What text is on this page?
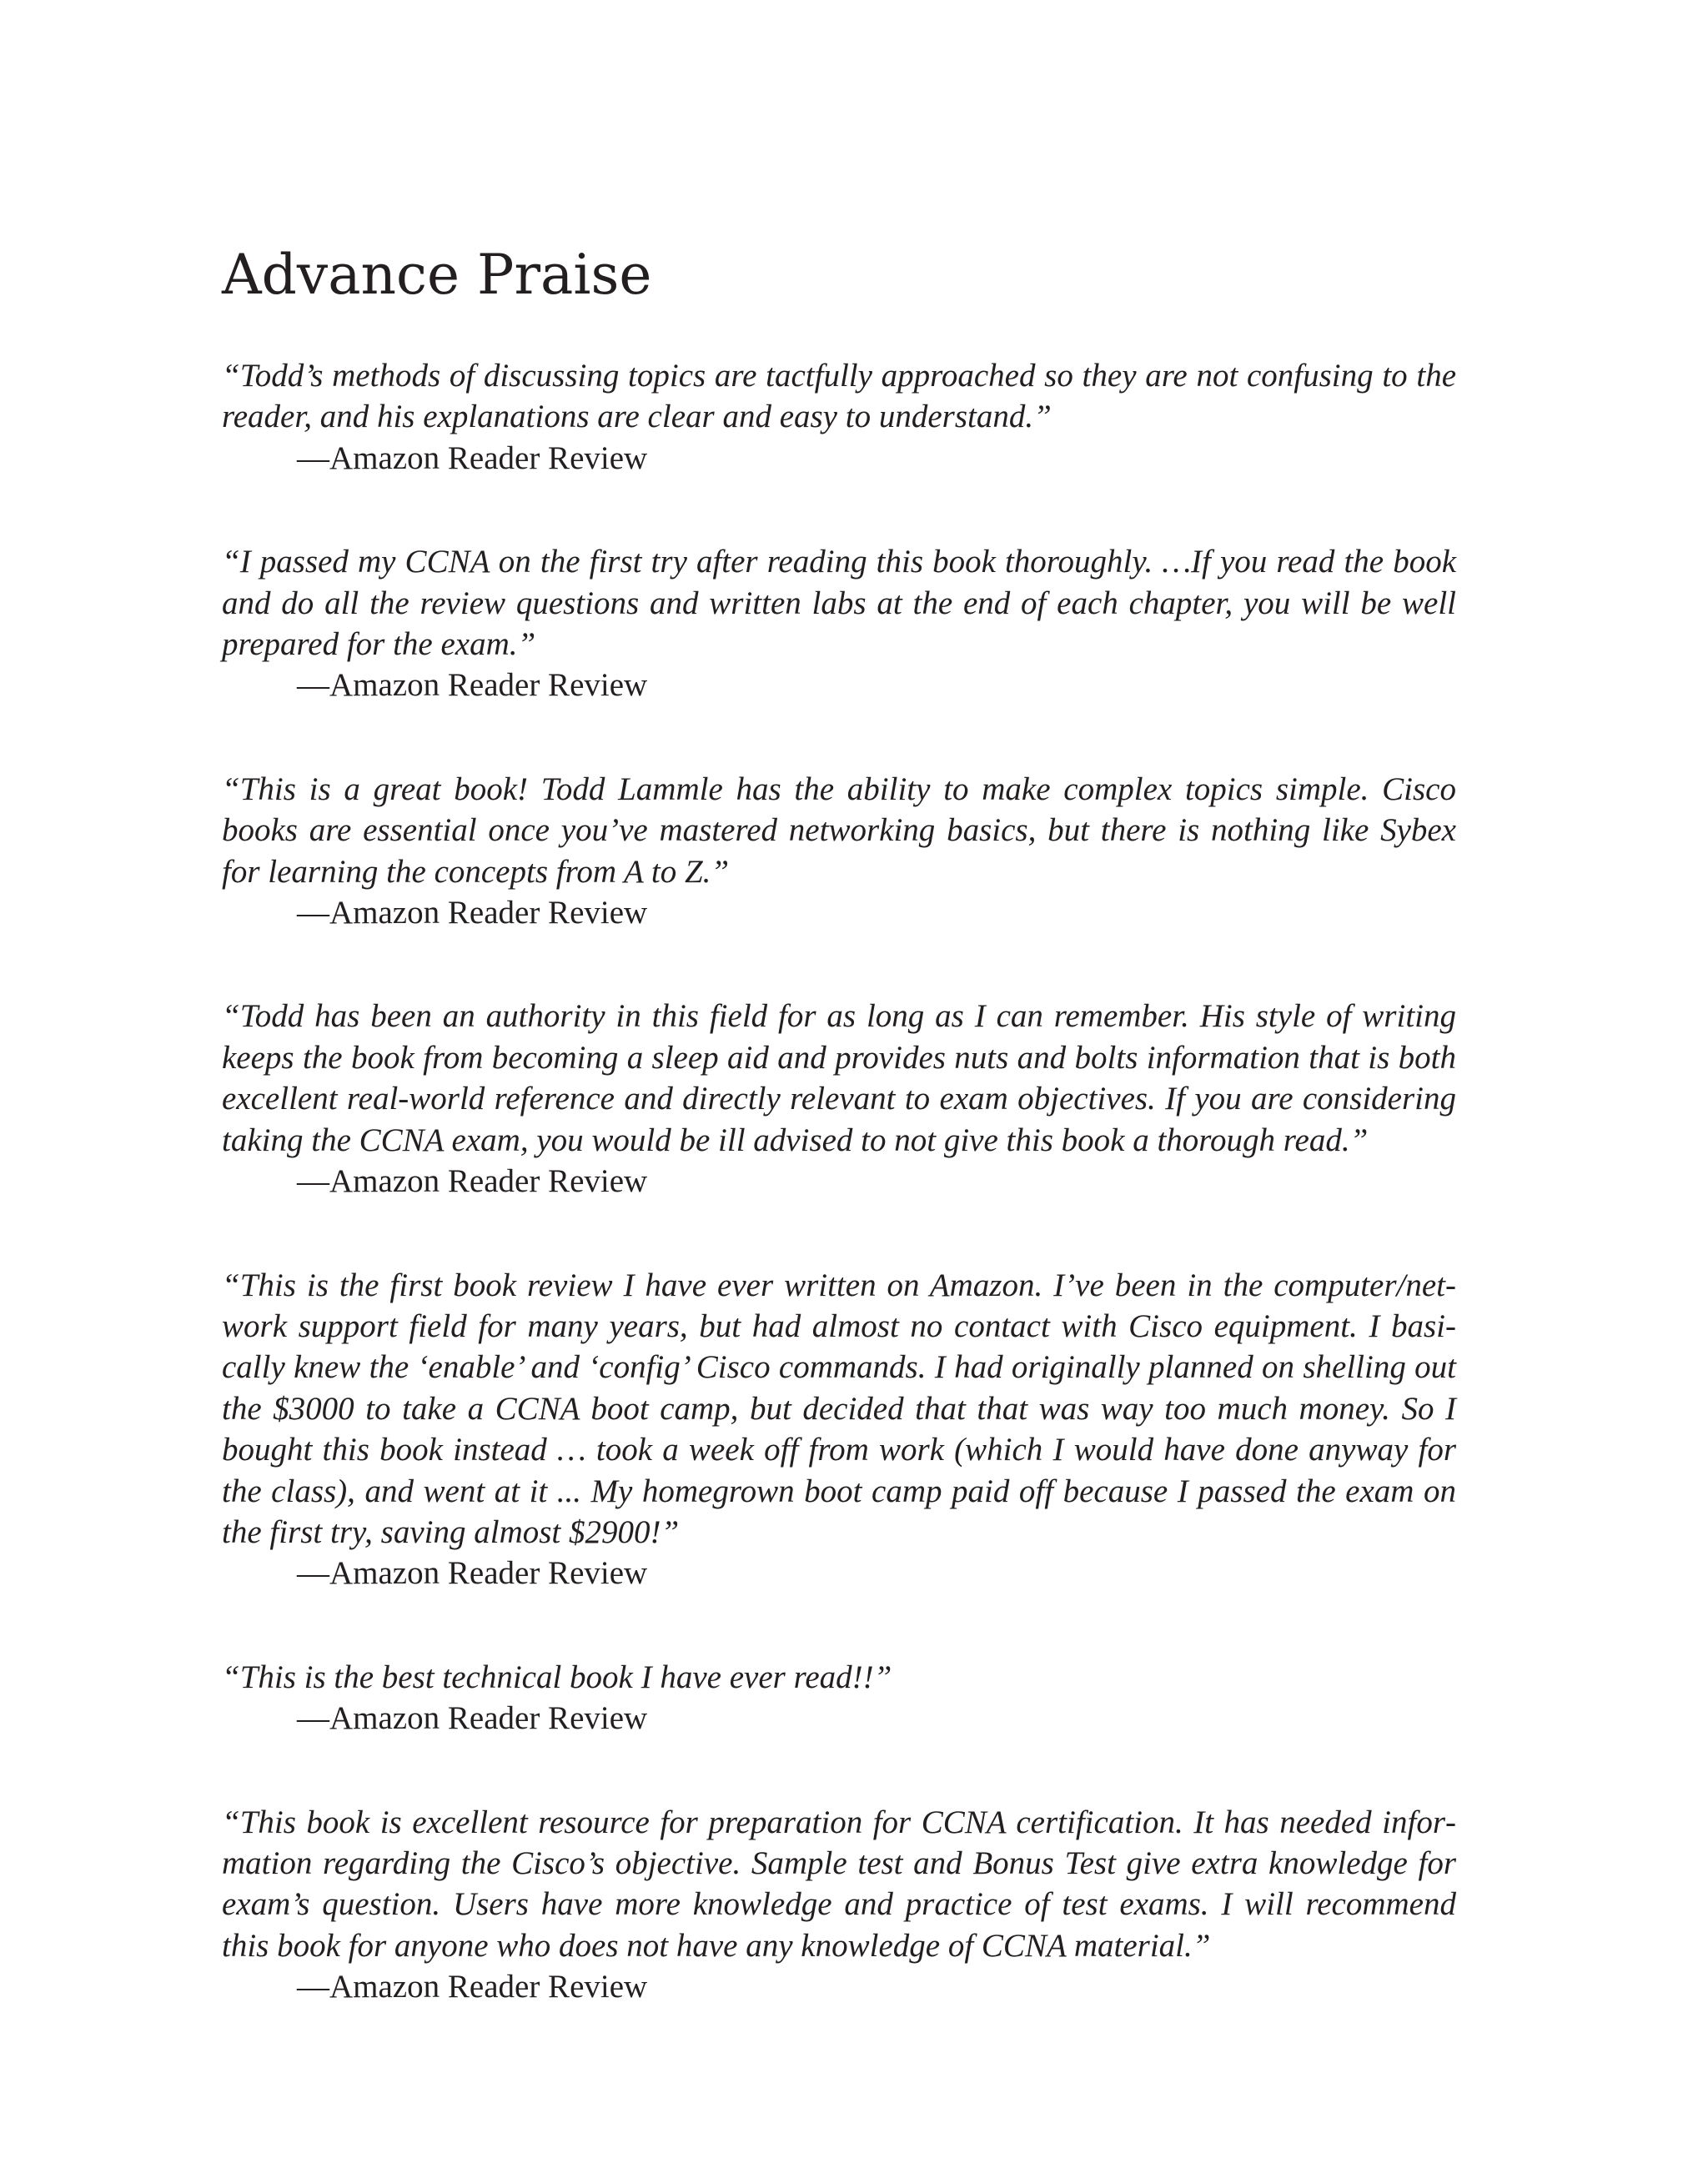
Advance Praise

“Todd’s methods of discussing topics are tactfully approached so they are not confusing to the reader, and his explanations are clear and easy to understand.”

—Amazon Reader Review

“I passed my CCNA on the first try after reading this book thoroughly. …If you read the book and do all the review questions and written labs at the end of each chapter, you will be well prepared for the exam.”

—Amazon Reader Review

“This is a great book! Todd Lammle has the ability to make complex topics simple. Cisco books are essential once you’ve mastered networking basics, but there is nothing like Sybex for learning the concepts from A to Z.”

—Amazon Reader Review

“Todd has been an authority in this field for as long as I can remember. His style of writing keeps the book from becoming a sleep aid and provides nuts and bolts information that is both excellent real-world reference and directly relevant to exam objectives. If you are considering taking the CCNA exam, you would be ill advised to not give this book a thorough read.”

—Amazon Reader Review

“This is the first book review I have ever written on Amazon. I’ve been in the computer/network support field for many years, but had almost no contact with Cisco equipment. I basically knew the ‘enable’ and ‘config’ Cisco commands. I had originally planned on shelling out the $3000 to take a CCNA boot camp, but decided that that was way too much money. So I bought this book instead … took a week off from work (which I would have done anyway for the class), and went at it ... My homegrown boot camp paid off because I passed the exam on the first try, saving almost $2900!”

—Amazon Reader Review

“This is the best technical book I have ever read!!”

—Amazon Reader Review

“This book is excellent resource for preparation for CCNA certification. It has needed information regarding the Cisco’s objective. Sample test and Bonus Test give extra knowledge for exam’s question. Users have more knowledge and practice of test exams. I will recommend this book for anyone who does not have any knowledge of CCNA material.”

—Amazon Reader Review
